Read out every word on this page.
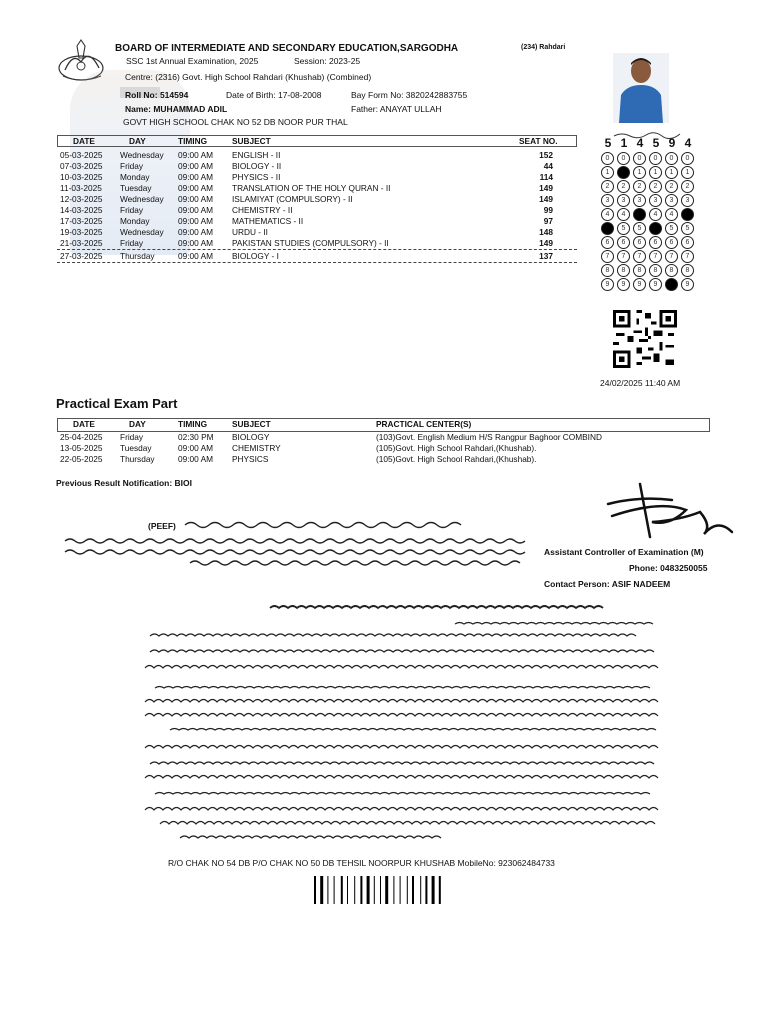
BOARD OF INTERMEDIATE AND SECONDARY EDUCATION,SARGODHA	(234) Rahdari
SSC 1st Annual Examination, 2025	Session: 2023-25
Centre: (2316) Govt. High School Rahdari (Khushab) (Combined)
Roll No: 514594	Date of Birth: 17-08-2008	Bay Form No: 3820242883755
Name: MUHAMMAD ADIL	Father: ANAYAT ULLAH
GOVT HIGH SCHOOL CHAK NO 52 DB NOOR PUR THAL
DATE	DAY	TIMING	SUBJECT	SEAT NO.
05-03-2025 Wednesday 09:00 AM ENGLISH - II	152
07-03-2025 Friday	09:00 AM BIOLOGY - II	44
10-03-2025 Monday	09:00 AM PHYSICS - II	114
11-03-2025 Tuesday	09:00 AM TRANSLATION OF THE HOLY QURAN - II	149
12-03-2025 Wednesday 09:00 AM ISLAMIYAT (COMPULSORY) - II	149
14-03-2025 Friday	09:00 AM CHEMISTRY - II	99
17-03-2025 Monday	09:00 AM MATHEMATICS - II	97
19-03-2025 Wednesday 09:00 AM URDU - II	148
21-03-2025 Friday	09:00 AM PAKISTAN STUDIES (COMPULSORY) - II	149
27-03-2025 Thursday	09:00 AM BIOLOGY - I	137
5
0
1
2
3
4
6
7
8
9
1
0
2
3
4
5
6
7
8
9
4
0
1
2
3
5
6
7
8
9
5
0
1
2
3
4
6
7
8
9
9
0
1
2
3
4
5
6
7
8
4
0
1
2
3
5
6
7
8
9
24/02/2025 11:40 AM
Practical Exam Part
DATE	DAY	TIMING	SUBJECT	PRACTICAL CENTER(S)
25-04-2025 Friday	02:30 PM BIOLOGY	(103)Govt. English Medium H/S Rangpur Baghoor COMBIND
13-05-2025 Tuesday	09:00 AM CHEMISTRY	(105)Govt. High School Rahdari,(Khushab).
22-05-2025 Thursday	09:00 AM PHYSICS	(105)Govt. High School Rahdari,(Khushab).
Previous Result Notification: BIOI
(PEEF)
Assistant Controller of Examination (M)
Phone: 0483250055
Contact Person: ASIF NADEEM
R/O CHAK NO 54 DB P/O CHAK NO 50 DB TEHSIL NOORPUR KHUSHAB MobileNo: 923062484733
